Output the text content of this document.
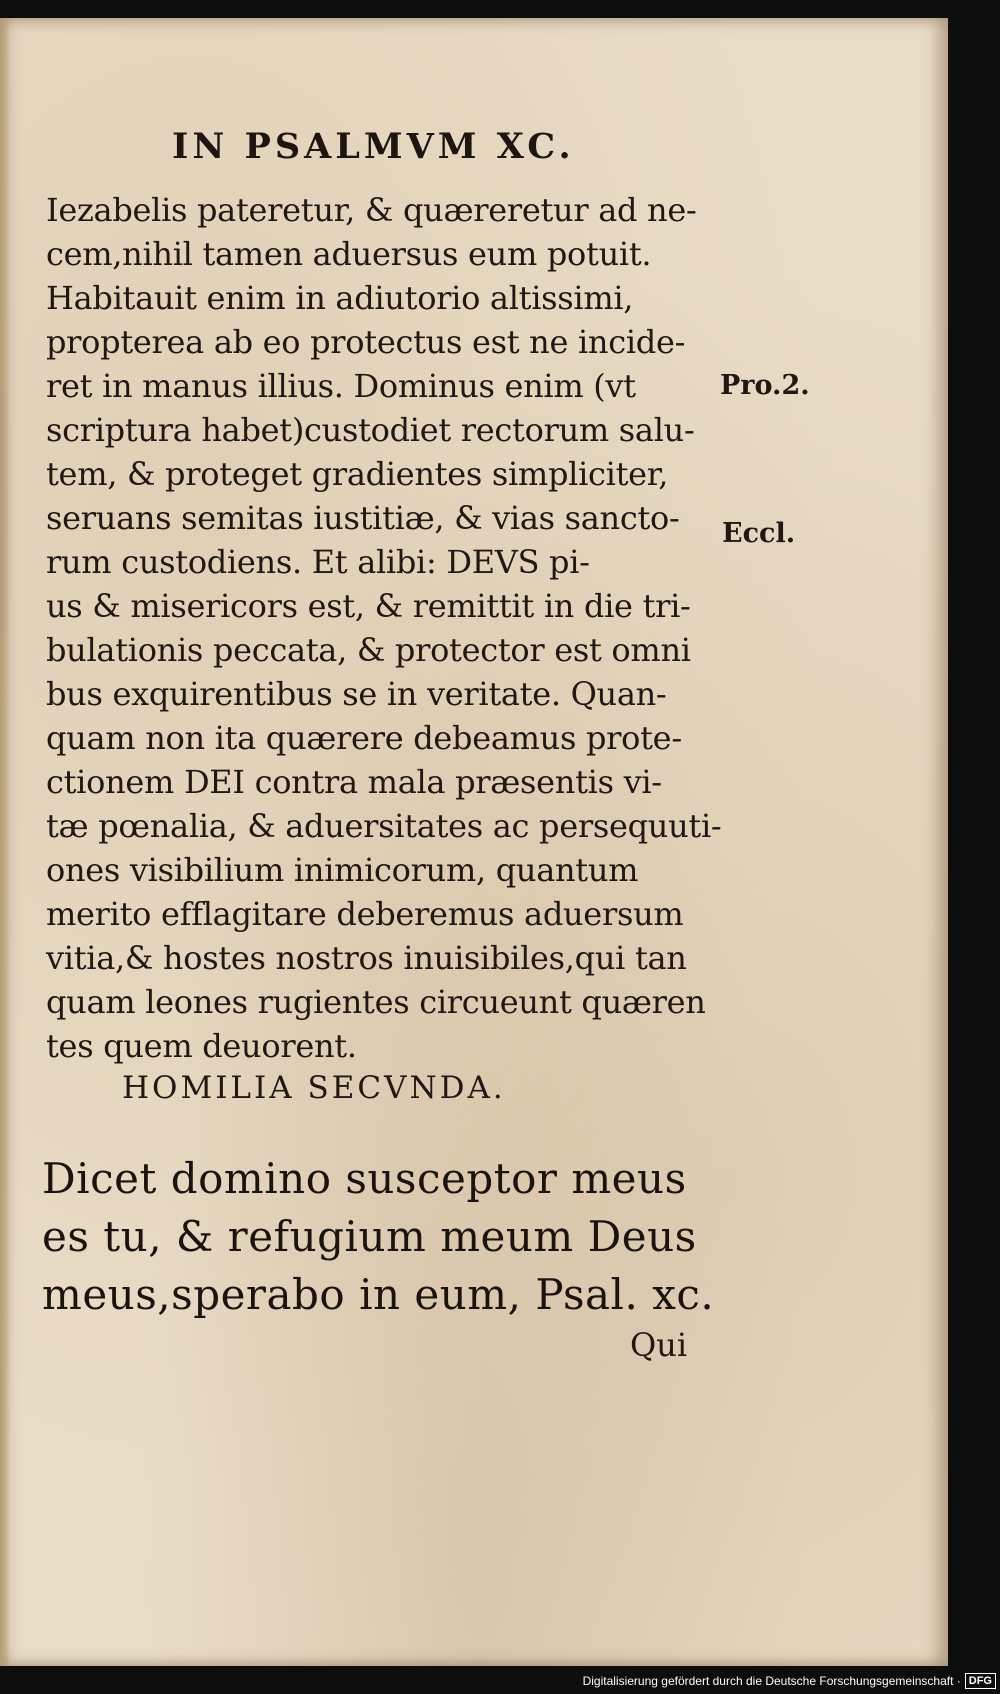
IN PSALMVM XC.
Iezabelis pateretur, & quæreretur ad ne-
cem,nihil tamen aduersus eum potuit.
Habitauit enim in adiutorio altissimi,
propterea ab eo protectus est ne incide-
ret in manus illius. Dominus enim (vt
scriptura habet)custodiet rectorum salu-
tem, & proteget gradientes simpliciter,
seruans semitas iustitiæ, & vias sancto-
rum custodiens. Et alibi: DEVS pi-
us & misericors est, & remittit in die tri-
bulationis peccata, & protector est omni
bus exquirentibus se in veritate. Quan-
quam non ita quærere debeamus prote-
ctionem DEI contra mala præsentis vi-
tæ pœnalia, & aduersitates ac persequuti-
ones visibilium inimicorum, quantum
merito efflagitare deberemus aduersum
vitia,& hostes nostros inuisibiles,qui tan
quam leones rugientes circueunt quæren
tes quem deuorent.
Pro.2.
Eccl.
HOMILIA SECVNDA.
Dicet domino susceptor meus
es tu, & refugium meum Deus
meus,sperabo in eum, Psal. xc.
Qui
Digitalisierung gefördert durch die Deutsche Forschungsgemeinschaft · DFG
